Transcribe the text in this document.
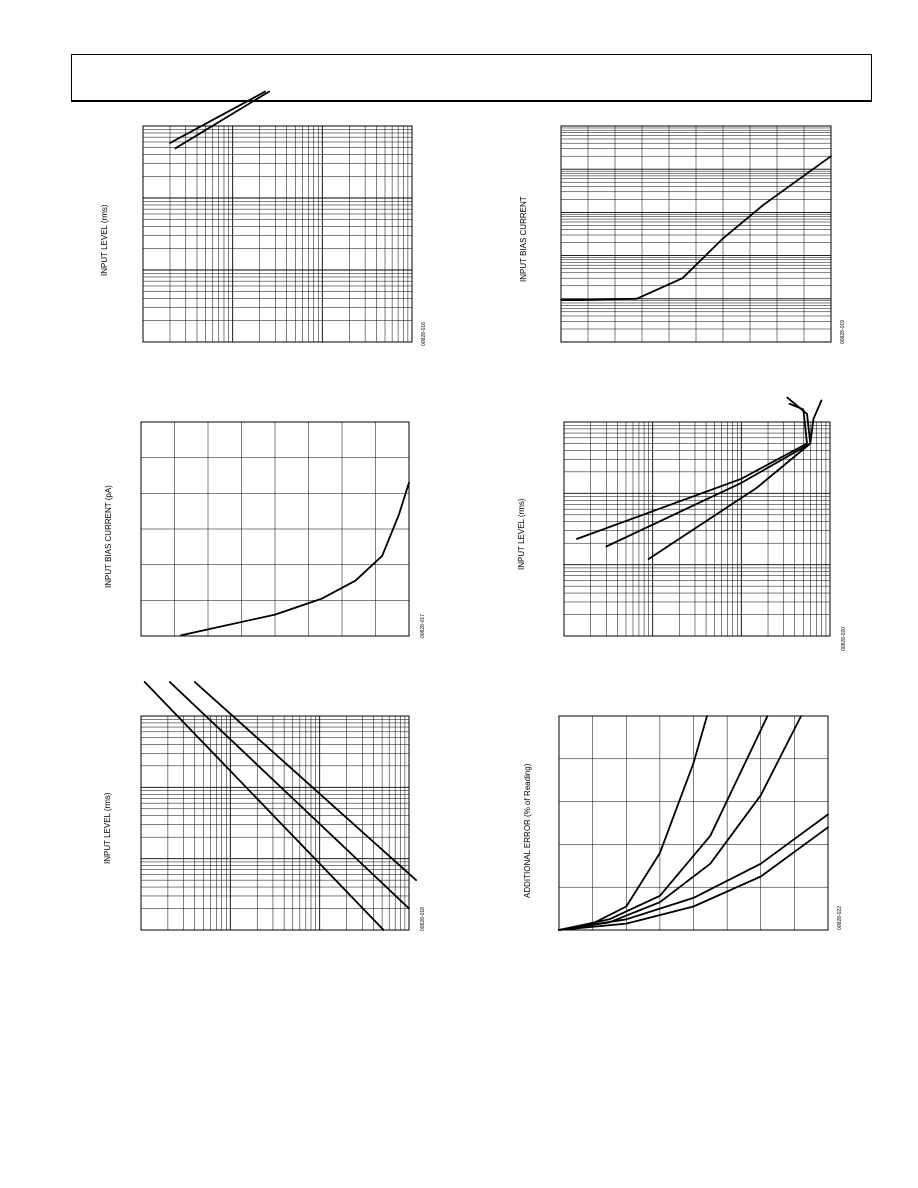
INPUT LEVEL (rms)
00828-016
INPUT BIAS CURRENT (pA)
00828-017
INPUT LEVEL (rms)
00828-018
INPUT BIAS CURRENT
00828-019
INPUT LEVEL (rms)
00828-020
ADDITIONAL ERROR (% of Reading)
00828-022
